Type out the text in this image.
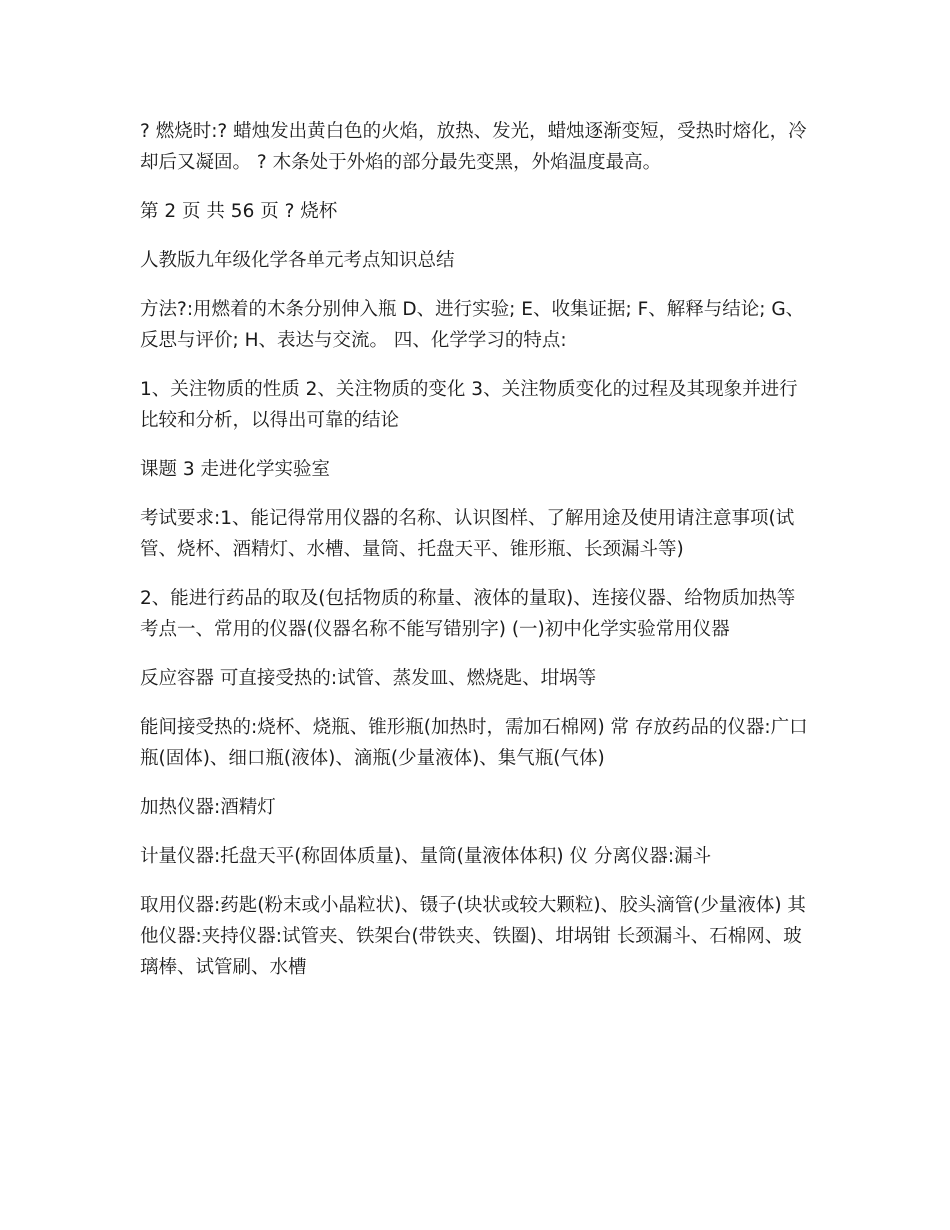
? 燃烧时:? 蜡烛发出黄白色的火焰，放热、发光，蜡烛逐渐变短，受热时熔化，冷却后又凝固。 ? 木条处于外焰的部分最先变黑，外焰温度最高。

第 2 页 共 56 页 ? 烧杯

人教版九年级化学各单元考点知识总结

方法?:用燃着的木条分别伸入瓶 D、进行实验; E、收集证据; F、解释与结论; G、反思与评价; H、表达与交流。 四、化学学习的特点:

1、关注物质的性质 2、关注物质的变化 3、关注物质变化的过程及其现象并进行比较和分析，以得出可靠的结论

课题 3 走进化学实验室

考试要求:1、能记得常用仪器的名称、认识图样、了解用途及使用请注意事项(试管、烧杯、酒精灯、水槽、量筒、托盘天平、锥形瓶、长颈漏斗等)

2、能进行药品的取及(包括物质的称量、液体的量取)、连接仪器、给物质加热等 考点一、常用的仪器(仪器名称不能写错别字) (一)初中化学实验常用仪器

反应容器 可直接受热的:试管、蒸发皿、燃烧匙、坩埚等

能间接受热的:烧杯、烧瓶、锥形瓶(加热时，需加石棉网) 常 存放药品的仪器:广口瓶(固体)、细口瓶(液体)、滴瓶(少量液体)、集气瓶(气体)

加热仪器:酒精灯

计量仪器:托盘天平(称固体质量)、量筒(量液体体积) 仪 分离仪器:漏斗

取用仪器:药匙(粉末或小晶粒状)、镊子(块状或较大颗粒)、胶头滴管(少量液体) 其他仪器:夹持仪器:试管夹、铁架台(带铁夹、铁圈)、坩埚钳 长颈漏斗、石棉网、玻璃棒、试管刷、水槽
